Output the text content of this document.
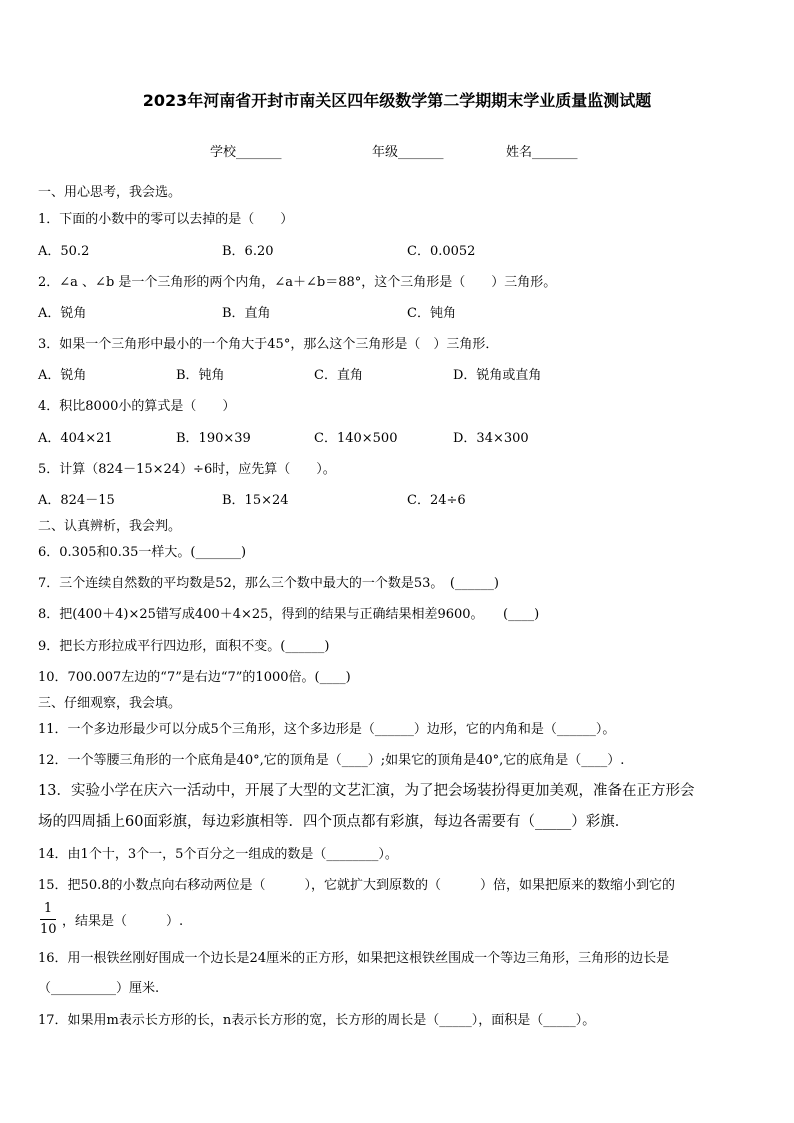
2023年河南省开封市南关区四年级数学第二学期期末学业质量监测试题
学校_______	年级_______	姓名_______
一、用心思考，我会选。
1．下面的小数中的零可以去掉的是（　　）
A．50.2	B．6.20	C．0.0052
2．∠a 、∠b 是一个三角形的两个内角，∠a＋∠b＝88°，这个三角形是（　　）三角形。
A．锐角	B．直角	C．钝角
3．如果一个三角形中最小的一个角大于45°，那么这个三角形是（　）三角形．
A．锐角	B．钝角	C．直角	D．锐角或直角
4．积比8000小的算式是（　　）
A．404×21	B．190×39	C．140×500	D．34×300
5．计算（824－15×24）÷6时，应先算（　　）。
A．824－15	B．15×24	C．24÷6
二、认真辨析，我会判。
6．0.305和0.35一样大。(_______)
7．三个连续自然数的平均数是52，那么三个数中最大的一个数是53。　(______)
8．把(400＋4)×25错写成400＋4×25，得到的结果与正确结果相差9600。　　(____)
9．把长方形拉成平行四边形，面积不变。(______)
10．700.007左边的“7”是右边“7”的1000倍。(____)
三、仔细观察，我会填。
11．一个多边形最少可以分成5个三角形，这个多边形是（______）边形，它的内角和是（______）。
12．一个等腰三角形的一个底角是40°,它的顶角是（____）;如果它的顶角是40°,它的底角是（____）.
13．实验小学在庆六一活动中，开展了大型的文艺汇演，为了把会场装扮得更加美观，准备在正方形会
场的四周插上60面彩旗，每边彩旗相等．四个顶点都有彩旗，每边各需要有（_____）彩旗．
14．由1个十，3个一，5个百分之一组成的数是（________）。
15．把50.8的小数点向右移动两位是（　　　），它就扩大到原数的（　　　）倍，如果把原来的数缩小到它的
1
10
，结果是（　　　）.
16．用一根铁丝刚好围成一个边长是24厘米的正方形，如果把这根铁丝围成一个等边三角形，三角形的边长是
（__________）厘米.
17．如果用m表示长方形的长，n表示长方形的宽，长方形的周长是（_____），面积是（_____）。
